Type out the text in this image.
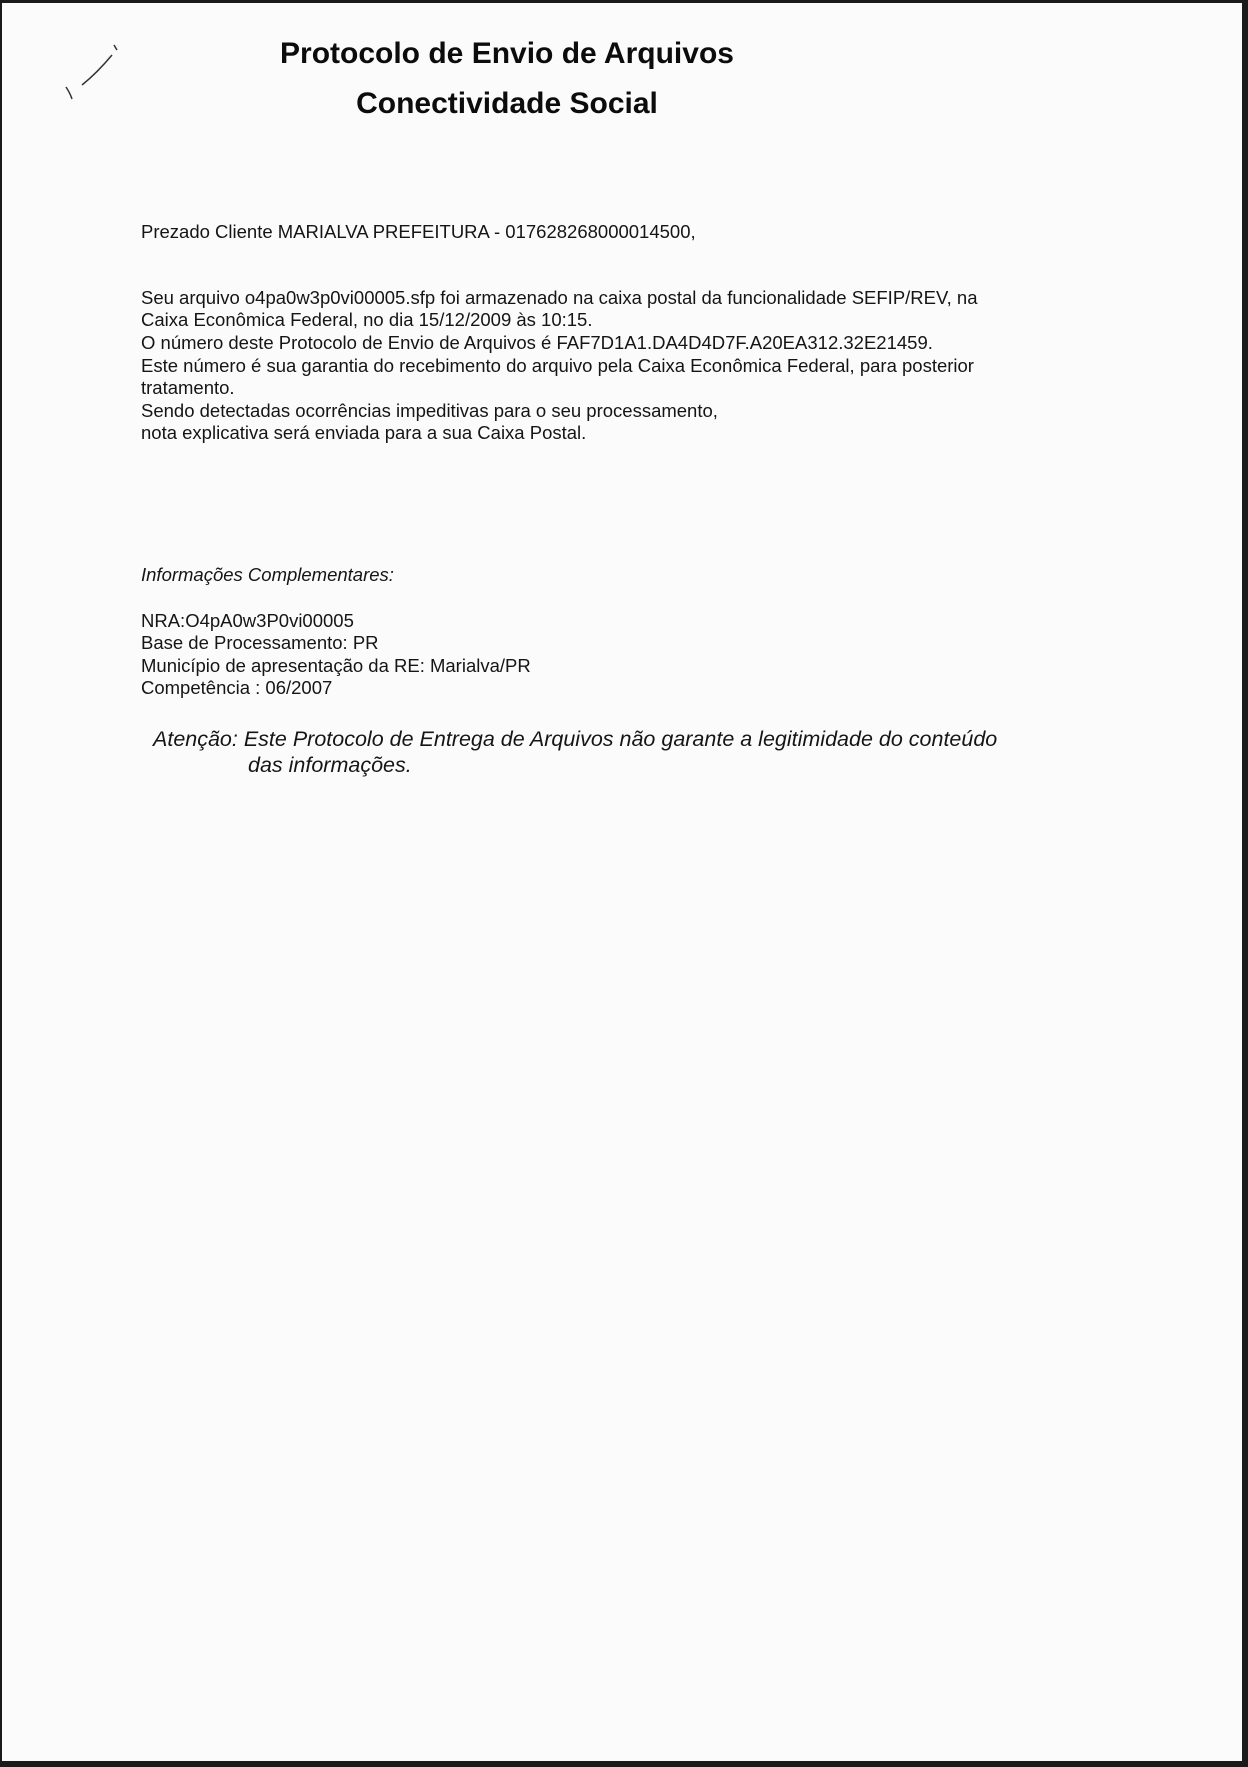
Protocolo de Envio de Arquivos
Conectividade Social
Prezado Cliente MARIALVA PREFEITURA - 017628268000014500,
Seu arquivo o4pa0w3p0vi00005.sfp foi armazenado na caixa postal da funcionalidade SEFIP/REV, na
Caixa Econômica Federal, no dia 15/12/2009 às 10:15.
O número deste Protocolo de Envio de Arquivos é FAF7D1A1.DA4D4D7F.A20EA312.32E21459.
Este número é sua garantia do recebimento do arquivo pela Caixa Econômica Federal, para posterior
tratamento.
Sendo detectadas ocorrências impeditivas para o seu processamento,
nota explicativa será enviada para a sua Caixa Postal.
Informações Complementares:
NRA:O4pA0w3P0vi00005
Base de Processamento: PR
Município de apresentação da RE: Marialva/PR
Competência : 06/2007
Atenção: Este Protocolo de Entrega de Arquivos não garante a legitimidade do conteúdo
das informações.
